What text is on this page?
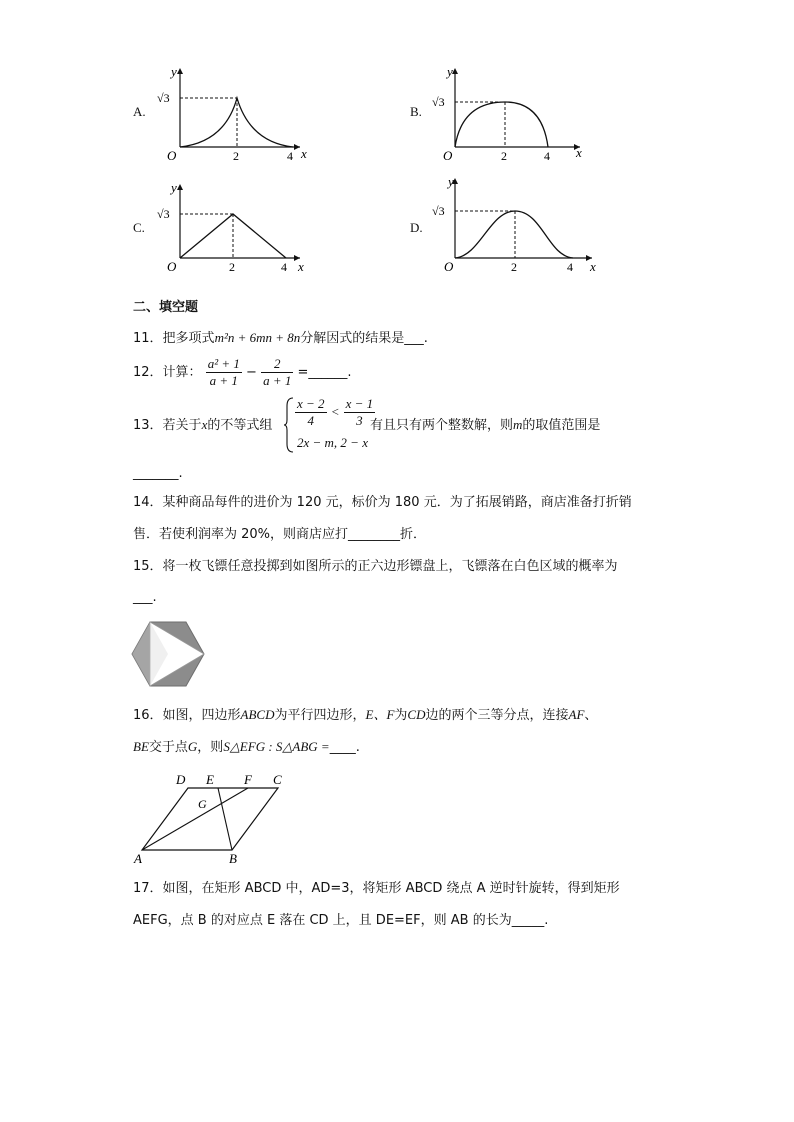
A.
y
√3
O	2	4 x
B.
y
√3
O	2	4 x
C.
y
√3
O	2	4 x
D.
y
√3
O	2	4 x
二、填空题
11．把多项式m²n + 6mn + 8n分解因式的结果是___.
12．计算： $\frac{\text{a² + 1}}{a + 1} - \frac{2}{a + 1}$ =______.
13．若关于x的不等式组 $\frac{x - 2}{4} < \frac{x - 1}{3}$
2x − m, 2 − x
有且只有两个整数解，则m的取值范围是
_______.
14．某种商品每件的进价为 120 元，标价为 180 元．为了拓展销路，商店准备打折销
售．若使利润率为 20%，则商店应打________折．
15．将一枚飞镖任意投掷到如图所示的正六边形镖盘上，飞镖落在白色区域的概率为
___.
16．如图，四边形ABCD为平行四边形，E、F为CD边的两个三等分点，连接AF、
BE交于点G，则S△EFG : S△ABG =____.
D E F C
G
A	B
17．如图，在矩形 ABCD 中，AD=3，将矩形 ABCD 绕点 A 逆时针旋转，得到矩形
AEFG，点 B 的对应点 E 落在 CD 上，且 DE=EF，则 AB 的长为_____.
